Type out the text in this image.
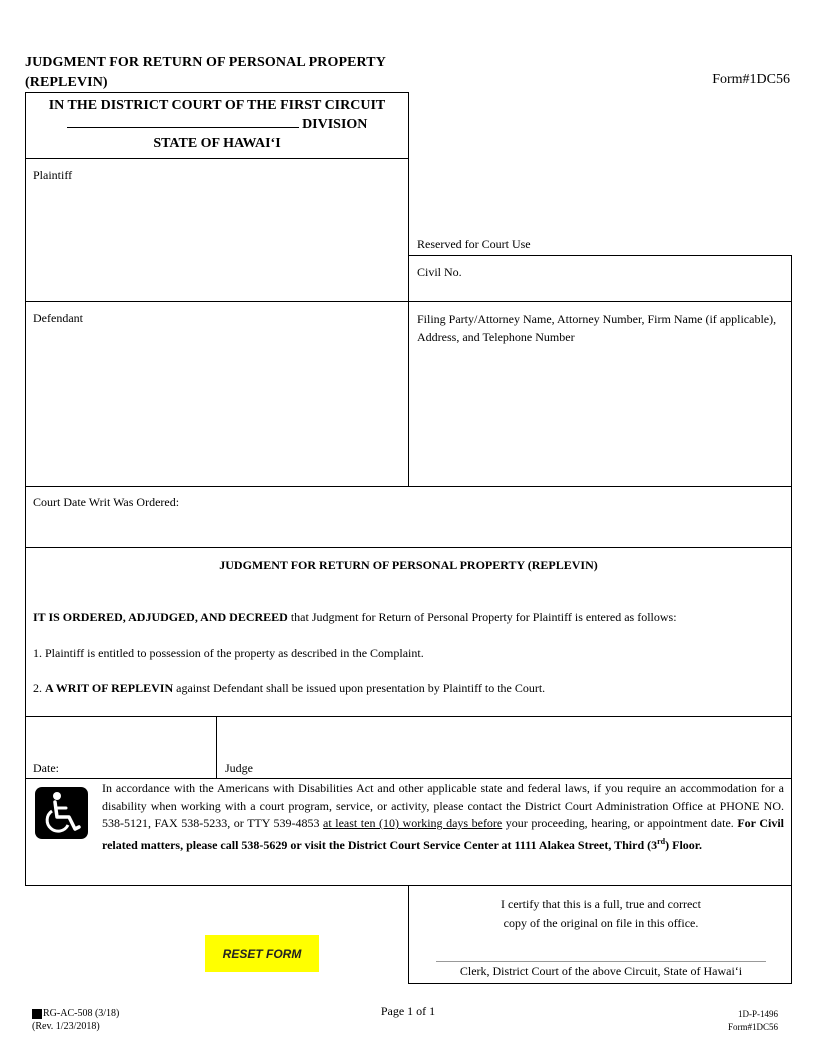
JUDGMENT FOR RETURN OF PERSONAL PROPERTY
(REPLEVIN)	Form#1DC56
IN THE DISTRICT COURT OF THE FIRST CIRCUIT
DIVISION
STATE OF HAWAI‘I
Plaintiff
Reserved for Court Use
Civil No.
Defendant	Filing Party/Attorney Name, Attorney Number, Firm Name (if applicable), Address, and Telephone Number
Court Date Writ Was Ordered:
JUDGMENT FOR RETURN OF PERSONAL PROPERTY (REPLEVIN)
IT IS ORDERED, ADJUDGED, AND DECREED that Judgment for Return of Personal Property for Plaintiff is entered as follows:
1. Plaintiff is entitled to possession of the property as described in the Complaint.
2. A WRIT OF REPLEVIN against Defendant shall be issued upon presentation by Plaintiff to the Court.
Date:	Judge
In accordance with the Americans with Disabilities Act and other applicable state and federal laws, if you require an accommodation for a disability when working with a court program, service, or activity, please contact the District Court Administration Office at PHONE NO. 538-5121, FAX 538-5233, or TTY 539-4853 at least ten (10) working days before your proceeding, hearing, or appointment date. For Civil related matters, please call 538-5629 or visit the District Court Service Center at 1111 Alakea Street, Third (3rd) Floor.
RESET FORM
I certify that this is a full, true and correct
copy of the original on file in this office.
Clerk, District Court of the above Circuit, State of Hawai‘i
RG-AC-508 (3/18)
(Rev. 1/23/2018)
Page 1 of 1	1D-P-1496
Form#1DC56
